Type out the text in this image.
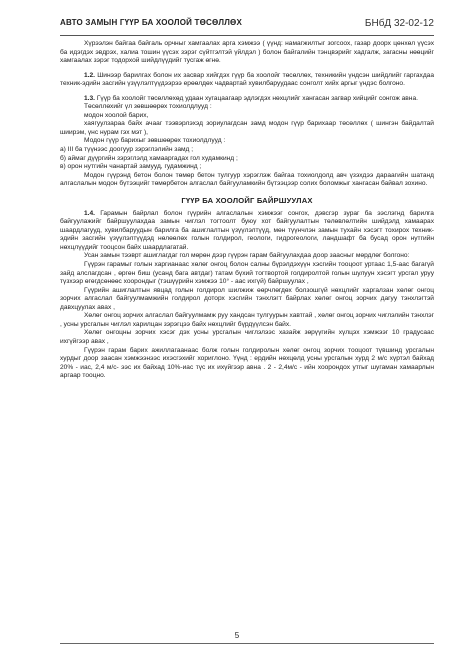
АВТО ЗАМЫН ГҮҮР БА ХООЛОЙ ТӨСӨЛЛӨХ	БНбД 32-02-12

Хүрээлэн байгаа байгаль орчныг хамгаалах арга хэмжээ ( үүнд: намагжилтыг зогсоох, газар доорх цөнхөл үүсэх ба идэгдэх эвдрэх, халиа тошин үүсэх зэрэг сүйтгэлтэй үйлдэл ) болон байгалийн тэнцвэрийг хадгалж, загасны нөөцийг хамгаалах зэрэг тодорхой шийдлүүдийг тусгаж өгнө.

1.2. Шинээр барилгах болон их засвар хийгдэх гүүр ба хоолойг төсөллөх, техникийн үндсэн шийдлийг гаргахдаа техник-эдийн засгийн үзүүлэлтүүдээрээ ерөөлдөх чадвартай хувилбаруудаас сонголт хийх аргыг үндэс болгоно.

1.3. Гүүр ба хоолойг төсөллөхөд удаан хугацаагаар эдлэгдэх нөхцлийг хангасан загвар хийцийг сонгож авна.

Төсөллөхийг үл зөвшөөрөх тохиолдлууд :

модон хоолой барих,

хаягуулзараа байх ачааг тээвэрлэхэд зориулагдсан замд модон гүүр барихаар төсөллөх ( шингэн байдалтай шиирэм, үнс нурам гэх мэт ),

Модон гүүр барихыг зөвшөөрөх тохиолдлууд :

а) III ба түүнээс доогуур зэрэглэлийн замд ;

б) аймаг дүүргийн зэрэглэлд хамааргадах гол худамкинд ;

в) орон нутгийн чанартай замууд, гудамжинд ;

Модон гүүрэнд бетон болон төмөр бетон тулгуур хэрэглэж байгаа тохиолдолд авч үзэхдээ дараагийн шатанд алгаслалын модон бүтээцийг төмөрбетон алгаслал байгууламкийн бүтээцээр солих боломжыг хангасан байвал зохино.

ГҮҮР БА ХООЛОЙГ БАЙРШУУЛАХ

1.4. Гарамын байрлал болон гүүрийн алгаслалын хэмжээг сонгох, дэвсгэр зураг ба ээслэгнд барилга байгуулажийг байршуулахдаа замын чиглэл тогтоолт буюу хот байгуулалтын төлөвлөлтийн шийдэлд хамаарах шаардлагууд, хувилбаруудын барилга ба ашиглалтын үзүүлэлтүүд, мөн түүнчлэн замын тухайн хэсэгт тохирох техник-эдийн засгийн үзүүлэлтүүдэд нөлөөлөх голын голдирол, геологи, гидрогеологи, ландшафт ба бусад орон нутгийн нөхцлүүдийг тооцсон байх шаардлагатай.

Усан замын тээврт ашиглагдаг гол мөрөн дээр гүүрэн гарам байгуулахдаа доор заасныг мөрдлөг болгоно:

Гүүрэн гарамыг голын харгианаас хөлөг онгоц болон салны бүрэлдэхүүн хэсгийн тооцоот уртаас 1,5-аас багагүй зайд алслагдсан , өргөн биш (усанд бага автдаг) татам бүхий тогтвортой голдиролтой голын шулуун хэсэгт урсгал уруу түзхээр өгөгдсөнөөс хоорондыг (тэшүүрийн хэмжээ 10° - аас ихгүй) байршуулах ,

Гүүрийн ашиглалтын явцад голын голдирол шилжиж өөрчлөгдөх болзошгүй нөхцлийг харгалзан хөлөг онгоц зорчих алгаслал байгуулмамжийн голдирол доторх хэсгийн тэнхлэгт байрлах хөлөг онгоц зорчих дагуу тэнхлэгтэй давхцуулах авах ,

Хөлөг онгоц зорчих алгаслал байгуулмамж руу хандсан тулгуурын хавтгай , хөлөг онгоц зорчих чиглэлийн тэнхлэг , усны урсгалын чиглэл харилцан зэрэгцээ байх нөхцлийг бүрдүүлсэн байх.

Хөлөг онгоцны зорчих хэсэг дэх усны урсгалын чиглэлээс хазайж зөрүүгийн хүлцэх хэмжээг 10 градусаас ихгүйгээр авах ,

Гүүрэн гарам барих ажиллагаанаас болж голын голдиролын хөлөг онгоц зорчих тооцоот түвшинд урсгалын хурдыг доор заасан хэмжээнээс ихэсгэхийг хориглоно. Үүнд : ердийн нөхцөлд усны урсгалын хурд 2 м/с хүртэл байхад 20% - иас, 2,4 м/с- ээс их байхад 10%-иас түс их ихүйгээр авна . 2 - 2,4м/с - ийн хоорондох утгыг шугаман хамаарлын аргаар тооцно.

5
